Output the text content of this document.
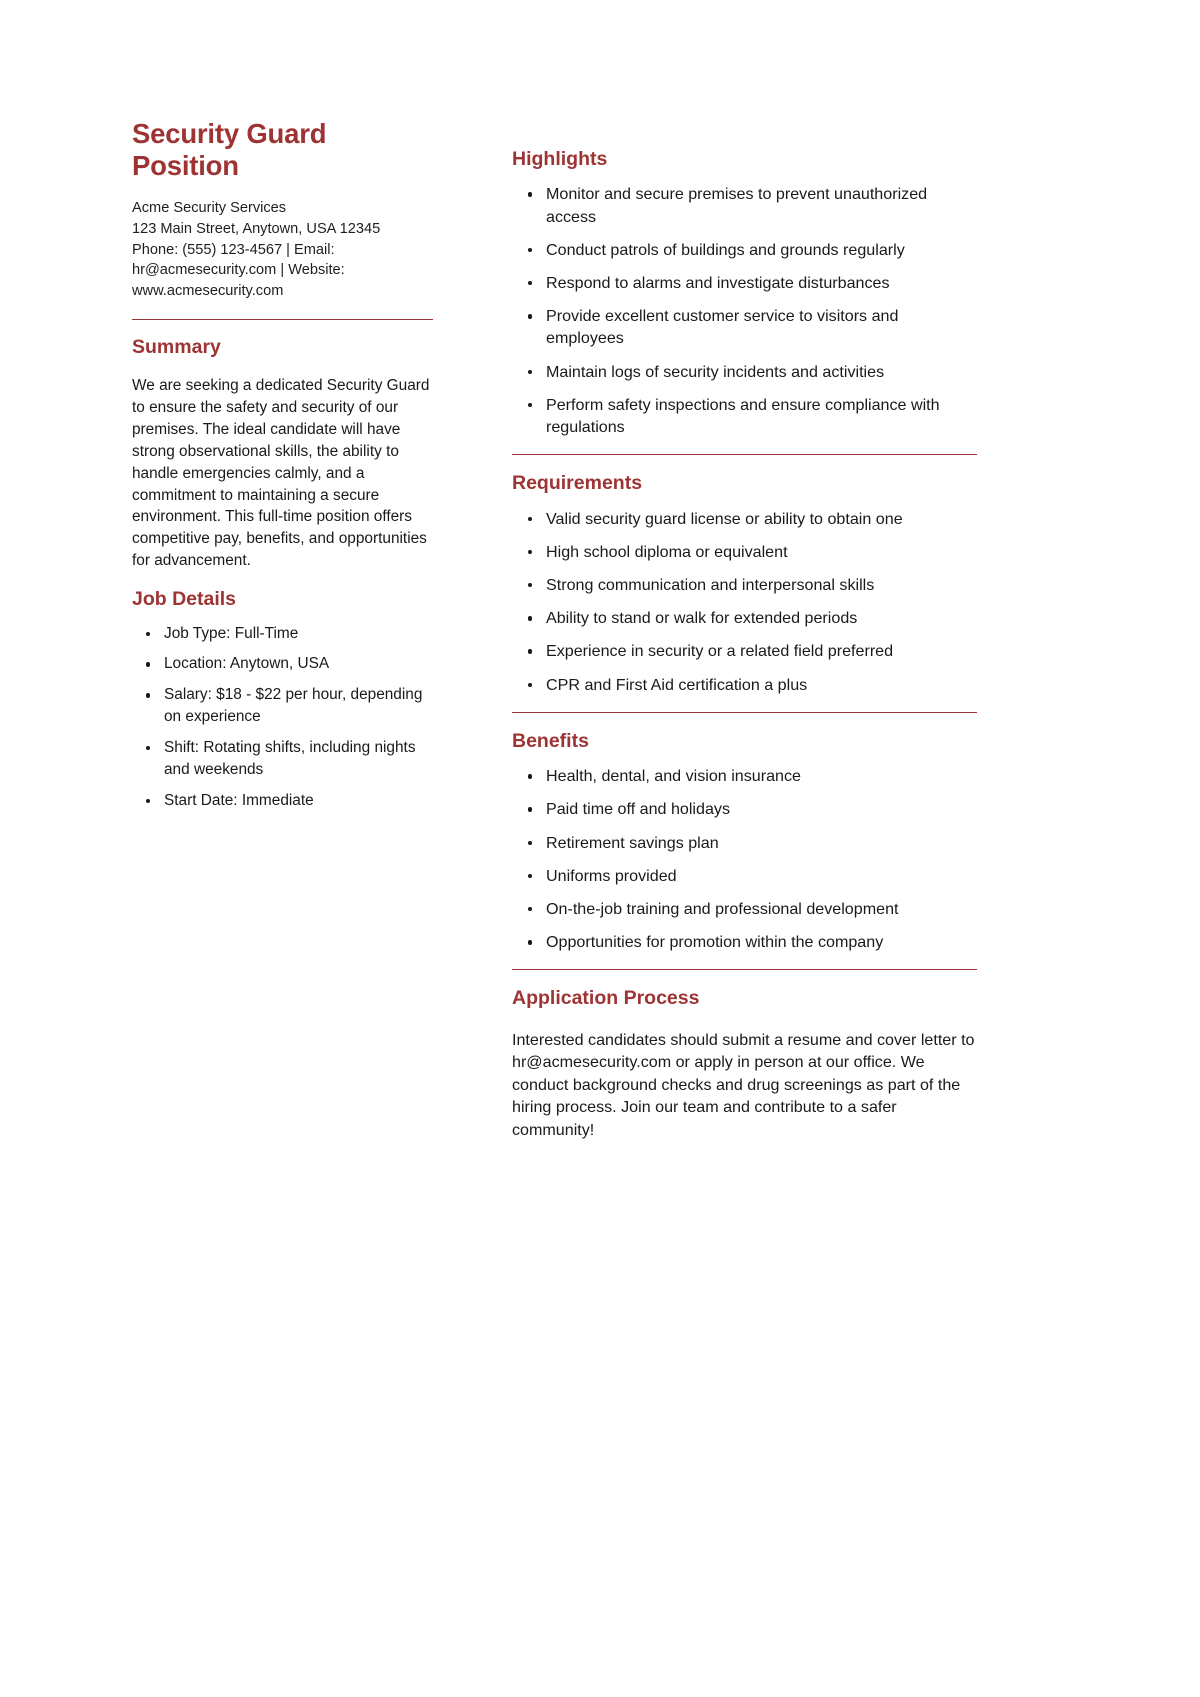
Security Guard Position
Acme Security Services
123 Main Street, Anytown, USA 12345
Phone: (555) 123-4567 | Email:
hr@acmesecurity.com | Website:
www.acmesecurity.com
Summary

We are seeking a dedicated Security Guard to ensure the safety and security of our premises. The ideal candidate will have strong observational skills, the ability to handle emergencies calmly, and a commitment to maintaining a secure environment. This full-time position offers competitive pay, benefits, and opportunities for advancement.

Job Details
Job Type: Full-Time
Location: Anytown, USA
Salary: $18 - $22 per hour, depending on experience
Shift: Rotating shifts, including nights and weekends
Start Date: Immediate
Highlights
Monitor and secure premises to prevent unauthorized access
Conduct patrols of buildings and grounds regularly
Respond to alarms and investigate disturbances
Provide excellent customer service to visitors and employees
Maintain logs of security incidents and activities
Perform safety inspections and ensure compliance with regulations
Requirements
Valid security guard license or ability to obtain one
High school diploma or equivalent
Strong communication and interpersonal skills
Ability to stand or walk for extended periods
Experience in security or a related field preferred
CPR and First Aid certification a plus
Benefits
Health, dental, and vision insurance
Paid time off and holidays
Retirement savings plan
Uniforms provided
On-the-job training and professional development
Opportunities for promotion within the company
Application Process

Interested candidates should submit a resume and cover letter to hr@acmesecurity.com or apply in person at our office. We conduct background checks and drug screenings as part of the hiring process. Join our team and contribute to a safer community!
